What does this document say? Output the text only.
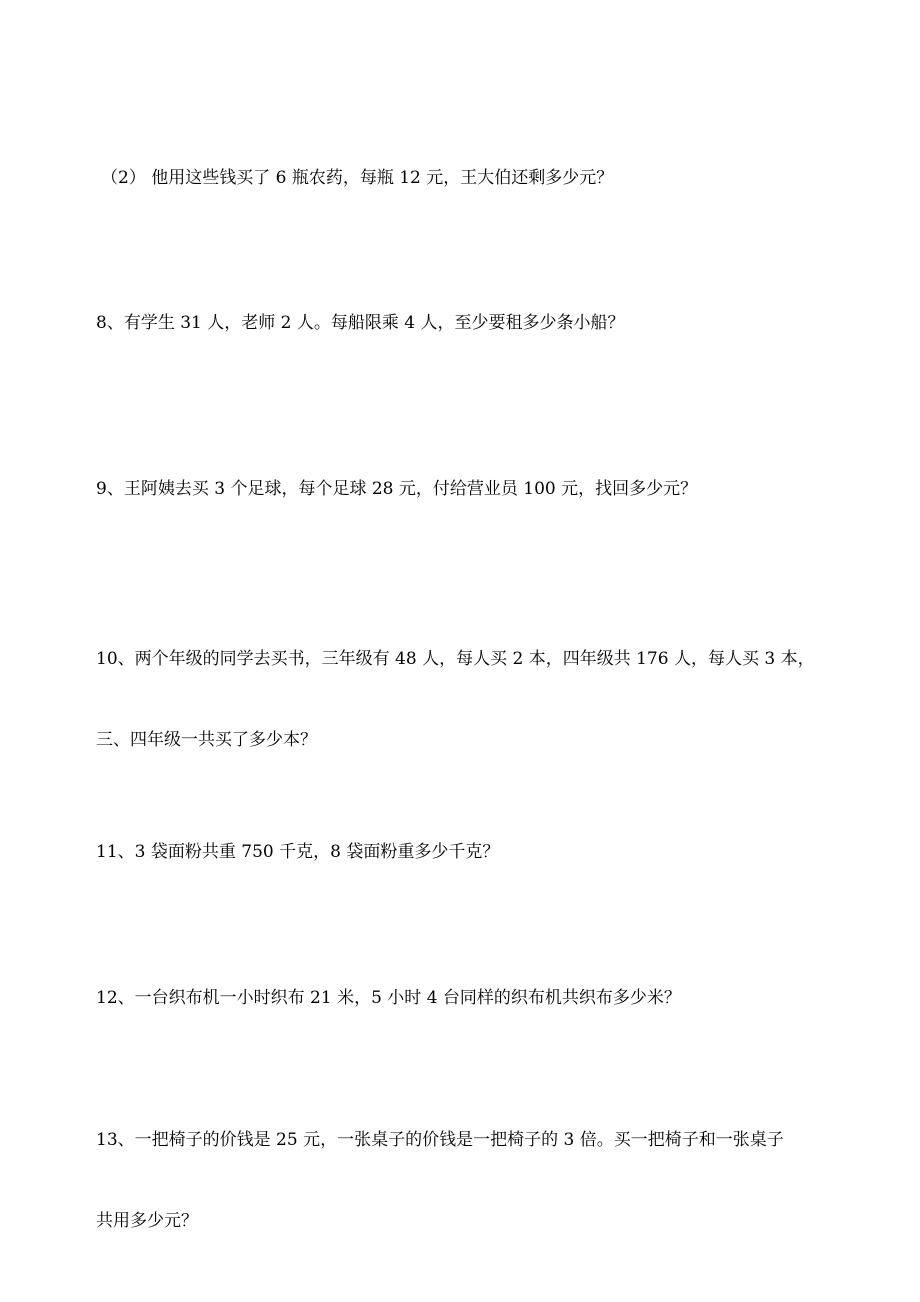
（2） 他用这些钱买了 6 瓶农药，每瓶 12 元，王大伯还剩多少元？

8、有学生 31 人，老师 2 人。每船限乘 4 人，至少要租多少条小船？

9、王阿姨去买 3 个足球，每个足球 28 元，付给营业员 100 元，找回多少元？

10、两个年级的同学去买书，三年级有 48 人，每人买 2 本，四年级共 176 人，每人买 3 本，

三、四年级一共买了多少本？

11、3 袋面粉共重 750 千克，8 袋面粉重多少千克？

12、一台织布机一小时织布 21 米，5 小时 4 台同样的织布机共织布多少米？

13、一把椅子的价钱是 25 元，一张桌子的价钱是一把椅子的 3 倍。买一把椅子和一张桌子

共用多少元？
